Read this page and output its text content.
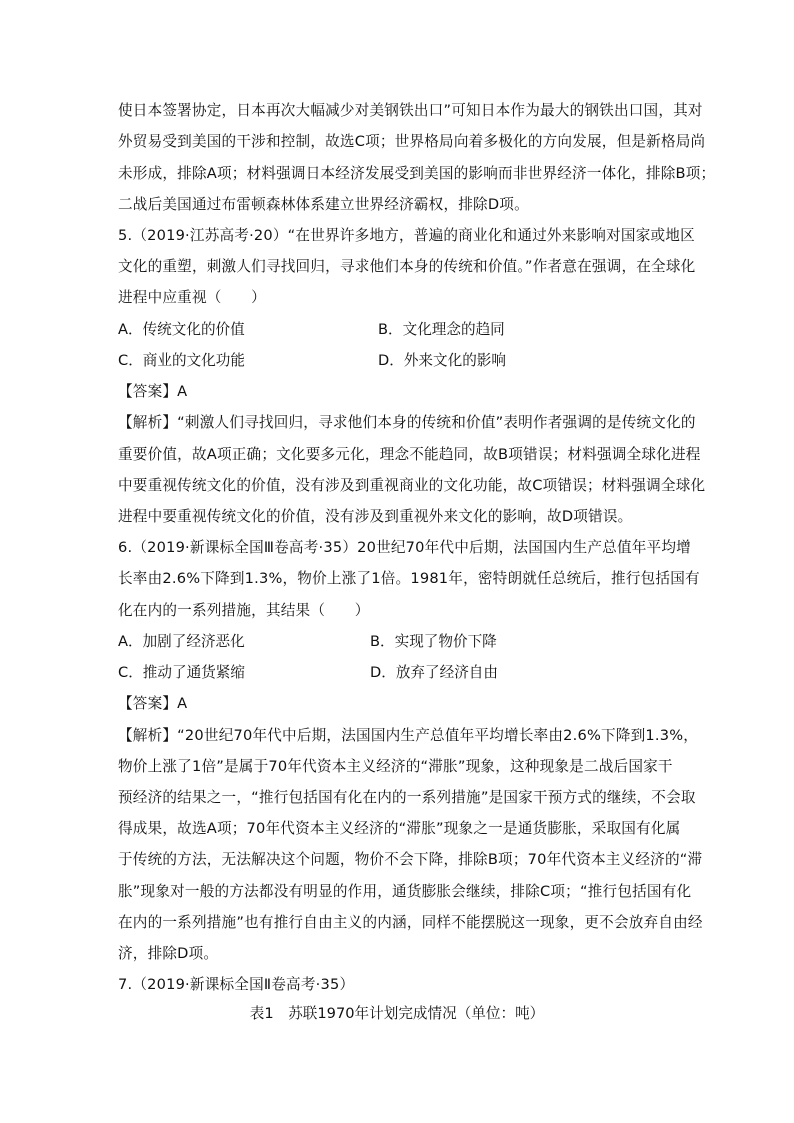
使日本签署协定，日本再次大幅减少对美钢铁出口”可知日本作为最大的钢铁出口国，其对
外贸易受到美国的干涉和控制，故选C项；世界格局向着多极化的方向发展，但是新格局尚
未形成，排除A项；材料强调日本经济发展受到美国的影响而非世界经济一体化，排除B项；
二战后美国通过布雷顿森林体系建立世界经济霸权，排除D项。
5.（2019·江苏高考·20）“在世界许多地方，普遍的商业化和通过外来影响对国家或地区
文化的重塑，刺激人们寻找回归，寻求他们本身的传统和价值。”作者意在强调，在全球化
进程中应重视（　　）
A．传统文化的价值	B．文化理念的趋同
C．商业的文化功能	D．外来文化的影响
【答案】A
【解析】“刺激人们寻找回归，寻求他们本身的传统和价值”表明作者强调的是传统文化的
重要价值，故A项正确；文化要多元化，理念不能趋同，故B项错误；材料强调全球化进程
中要重视传统文化的价值，没有涉及到重视商业的文化功能，故C项错误；材料强调全球化
进程中要重视传统文化的价值，没有涉及到重视外来文化的影响，故D项错误。
6.（2019·新课标全国Ⅲ卷高考·35）20世纪70年代中后期，法国国内生产总值年平均增
长率由2.6%下降到1.3%，物价上涨了1倍。1981年，密特朗就任总统后，推行包括国有
化在内的一系列措施，其结果（　　）
A．加剧了经济恶化	B．实现了物价下降
C．推动了通货紧缩	D．放弃了经济自由
【答案】A
【解析】“20世纪70年代中后期，法国国内生产总值年平均增长率由2.6%下降到1.3%，
物价上涨了1倍”是属于70年代资本主义经济的“滞胀”现象，这种现象是二战后国家干
预经济的结果之一，“推行包括国有化在内的一系列措施”是国家干预方式的继续，不会取
得成果，故选A项；70年代资本主义经济的“滞胀”现象之一是通货膨胀，采取国有化属
于传统的方法，无法解决这个问题，物价不会下降，排除B项；70年代资本主义经济的“滞
胀”现象对一般的方法都没有明显的作用，通货膨胀会继续，排除C项；“推行包括国有化
在内的一系列措施”也有推行自由主义的内涵，同样不能摆脱这一现象，更不会放弃自由经
济，排除D项。
7.（2019·新课标全国Ⅱ卷高考·35）
表1　苏联1970年计划完成情况（单位：吨）
